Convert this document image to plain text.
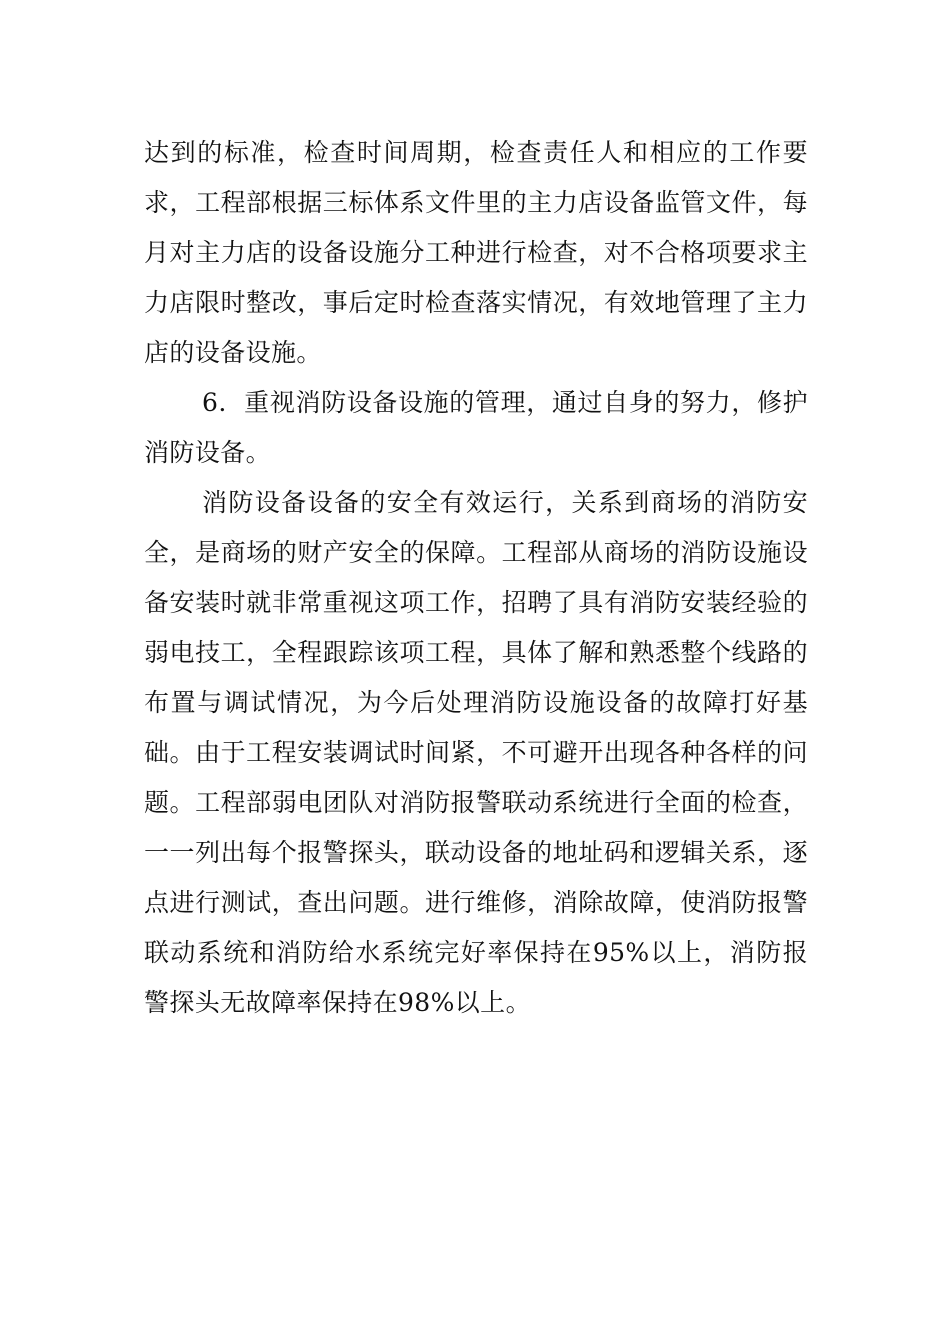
达到的标准，检查时间周期，检查责任人和相应的工作要求，工程部根据三标体系文件里的主力店设备监管文件，每月对主力店的设备设施分工种进行检查，对不合格项要求主力店限时整改，事后定时检查落实情况，有效地管理了主力店的设备设施。

6．重视消防设备设施的管理，通过自身的努力，修护消防设备。

消防设备设备的安全有效运行，关系到商场的消防安全，是商场的财产安全的保障。工程部从商场的消防设施设备安装时就非常重视这项工作，招聘了具有消防安装经验的弱电技工，全程跟踪该项工程，具体了解和熟悉整个线路的布置与调试情况，为今后处理消防设施设备的故障打好基础。由于工程安装调试时间紧，不可避开出现各种各样的问题。工程部弱电团队对消防报警联动系统进行全面的检查，一一列出每个报警探头，联动设备的地址码和逻辑关系，逐点进行测试，查出问题。进行维修，消除故障，使消防报警联动系统和消防给水系统完好率保持在95%以上，消防报警探头无故障率保持在98%以上。
